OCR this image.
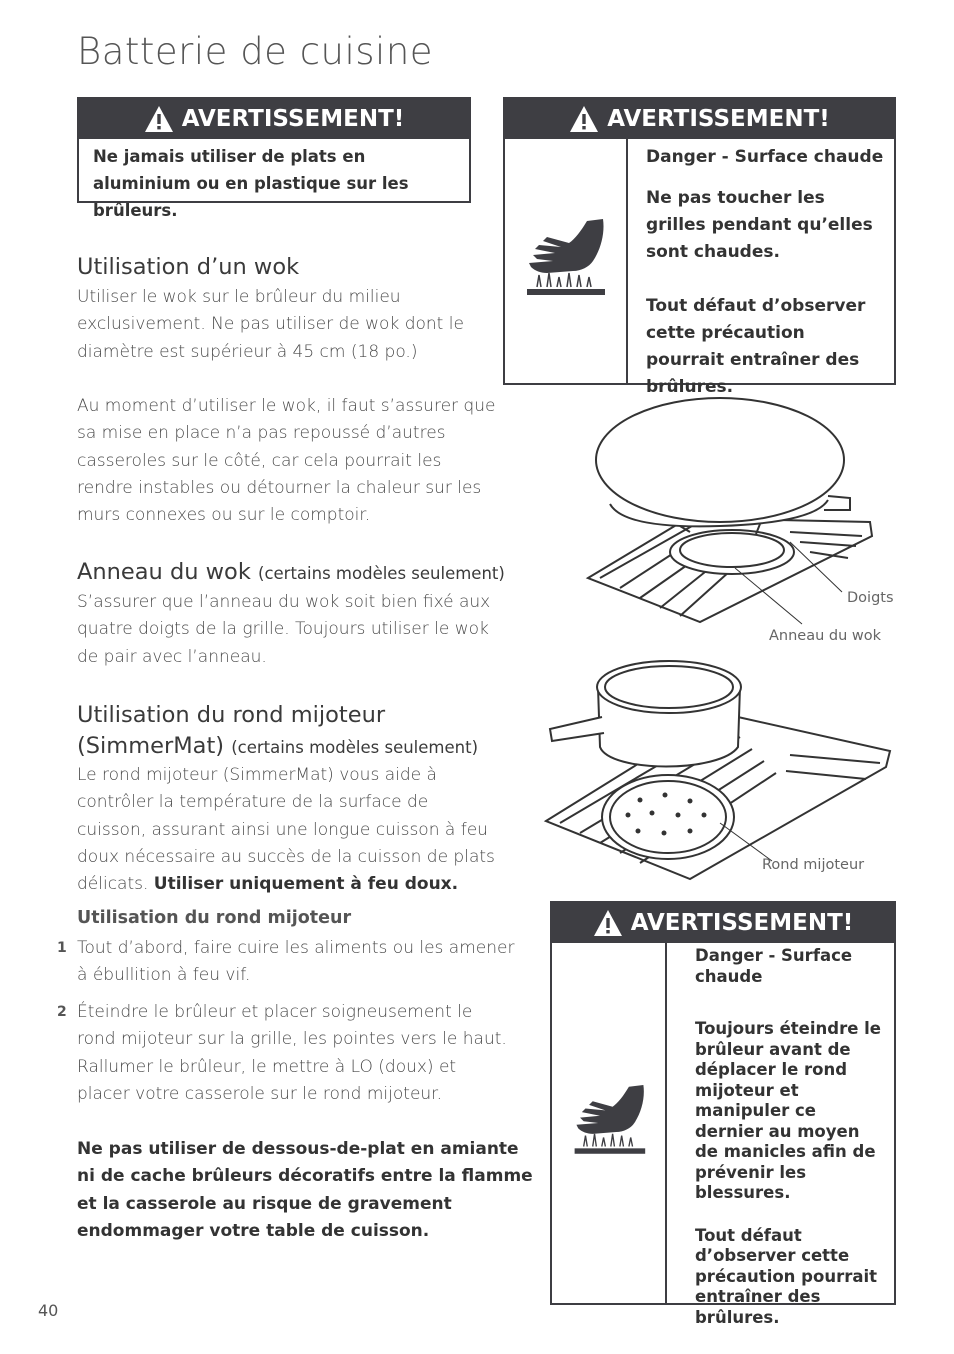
Batterie de cuisine
AVERTISSEMENT!
Ne jamais utiliser de plats en aluminium ou en plastique sur les brûleurs.
AVERTISSEMENT!
Danger - Surface chaude
Ne pas toucher les grilles pendant qu’elles sont chaudes.
Tout défaut d’observer cette précaution pourrait entraîner des brûlures.
Utilisation d’un wok
Utiliser le wok sur le brûleur du milieu exclusivement. Ne pas utiliser de wok dont le diamètre est supérieur à 45 cm (18 po.)
Au moment d’utiliser le wok, il faut s’assurer que sa mise en place n’a pas repoussé d’autres casseroles sur le côté, car cela pourrait les rendre instables ou détourner la chaleur sur les murs connexes ou sur le comptoir.
Anneau du wok (certains modèles seulement)
S’assurer que l’anneau du wok soit bien fixé aux quatre doigts de la grille. Toujours utiliser le wok de pair avec l’anneau.
Utilisation du rond mijoteur
(SimmerMat) (certains modèles seulement)
Le rond mijoteur (SimmerMat) vous aide à contrôler la température de la surface de cuisson, assurant ainsi une longue cuisson à feu doux nécessaire au succès de la cuisson de plats délicats. Utiliser uniquement à feu doux.
Utilisation du rond mijoteur
1 Tout d’abord, faire cuire les aliments ou les amener à ébullition à feu vif.
2 Éteindre le brûleur et placer soigneusement le rond mijoteur sur la grille, les pointes vers le haut. Rallumer le brûleur, le mettre à LO (doux) et placer votre casserole sur le rond mijoteur.
Ne pas utiliser de dessous-de-plat en amiante ni de cache brûleurs décoratifs entre la flamme et la casserole au risque de gravement endommager votre table de cuisson.
Doigts
Anneau du wok
Rond mijoteur
AVERTISSEMENT!
Danger - Surface chaude
Toujours éteindre le brûleur avant de déplacer le rond mijoteur et manipuler ce dernier au moyen de manicles afin de prévenir les blessures.
Tout défaut d’observer cette précaution pourrait entraîner des brûlures.
40
